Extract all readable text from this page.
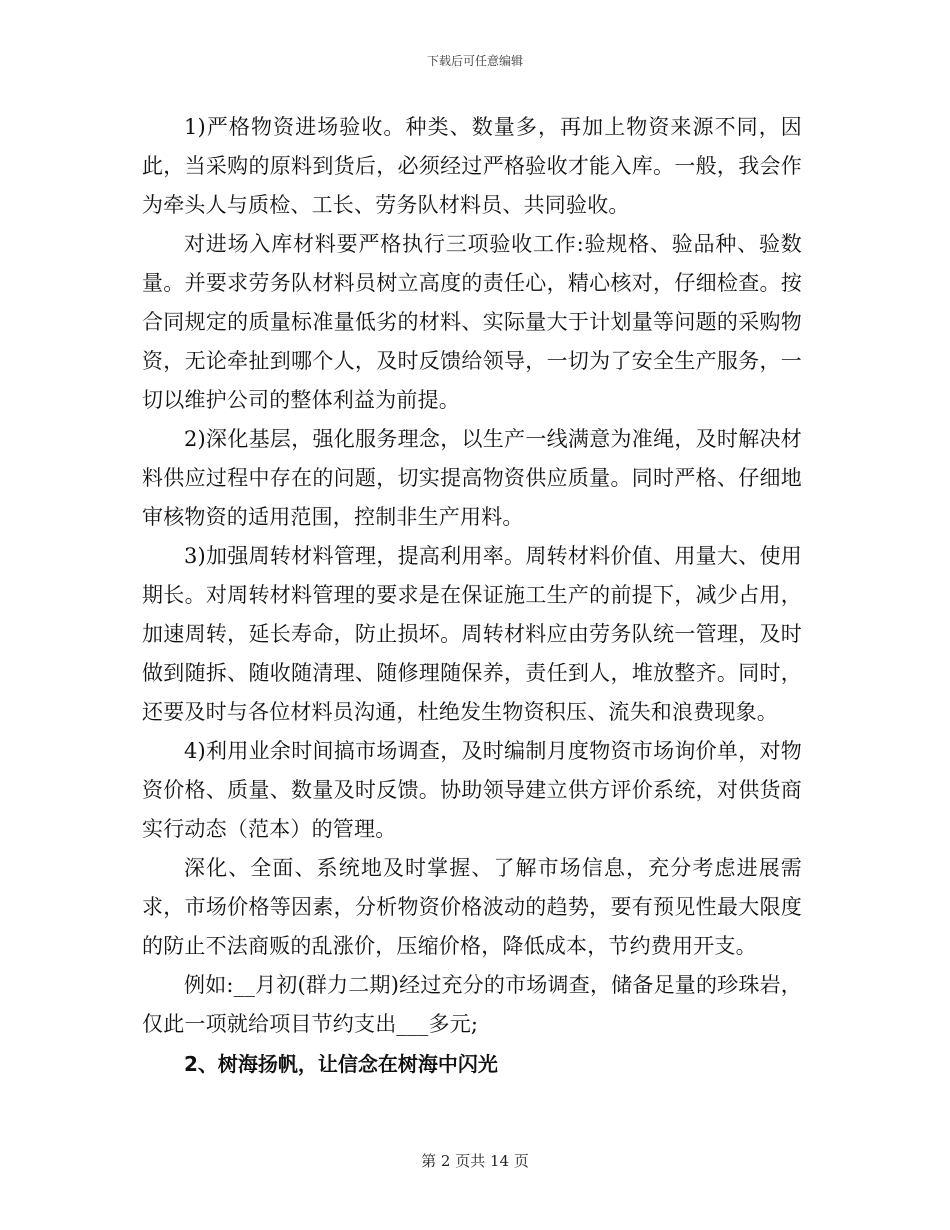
下载后可任意编辑

1)严格物资进场验收。种类、数量多，再加上物资来源不同，因此，当采购的原料到货后，必须经过严格验收才能入库。一般，我会作为牵头人与质检、工长、劳务队材料员、共同验收。

对进场入库材料要严格执行三项验收工作:验规格、验品种、验数量。并要求劳务队材料员树立高度的责任心，精心核对，仔细检查。按合同规定的质量标准量低劣的材料、实际量大于计划量等问题的采购物资，无论牵扯到哪个人，及时反馈给领导，一切为了安全生产服务，一切以维护公司的整体利益为前提。

2)深化基层，强化服务理念，以生产一线满意为准绳，及时解决材料供应过程中存在的问题，切实提高物资供应质量。同时严格、仔细地审核物资的适用范围，控制非生产用料。

3)加强周转材料管理，提高利用率。周转材料价值、用量大、使用期长。对周转材料管理的要求是在保证施工生产的前提下，减少占用，加速周转，延长寿命，防止损坏。周转材料应由劳务队统一管理，及时做到随拆、随收随清理、随修理随保养，责任到人，堆放整齐。同时，还要及时与各位材料员沟通，杜绝发生物资积压、流失和浪费现象。

4)利用业余时间搞市场调查，及时编制月度物资市场询价单，对物资价格、质量、数量及时反馈。协助领导建立供方评价系统，对供货商实行动态（范本）的管理。

深化、全面、系统地及时掌握、了解市场信息，充分考虑进展需求，市场价格等因素，分析物资价格波动的趋势，要有预见性最大限度的防止不法商贩的乱涨价，压缩价格，降低成本，节约费用开支。

例如:__月初(群力二期)经过充分的市场调查，储备足量的珍珠岩，仅此一项就给项目节约支出___多元;

2、树海扬帆，让信念在树海中闪光
第 2 页共 14 页
